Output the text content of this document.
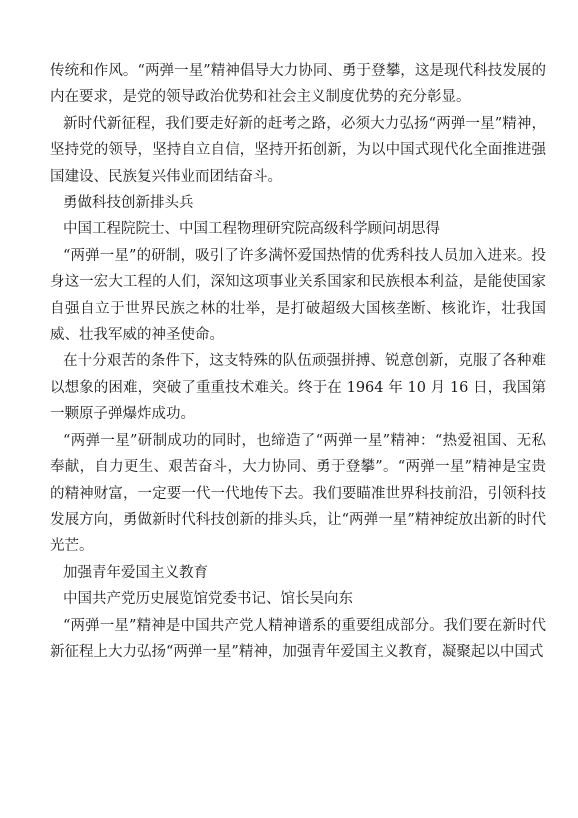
传统和作风。“两弹一星”精神倡导大力协同、勇于登攀，这是现代科技发展的内在要求，是党的领导政治优势和社会主义制度优势的充分彰显。

新时代新征程，我们要走好新的赶考之路，必须大力弘扬“两弹一星”精神，坚持党的领导，坚持自立自信，坚持开拓创新，为以中国式现代化全面推进强国建设、民族复兴伟业而团结奋斗。

勇做科技创新排头兵

中国工程院院士、中国工程物理研究院高级科学顾问胡思得

“两弹一星”的研制，吸引了许多满怀爱国热情的优秀科技人员加入进来。投身这一宏大工程的人们，深知这项事业关系国家和民族根本利益，是能使国家自强自立于世界民族之林的壮举，是打破超级大国核垄断、核讹诈，壮我国威、壮我军威的神圣使命。

在十分艰苦的条件下，这支特殊的队伍顽强拼搏、锐意创新，克服了各种难以想象的困难，突破了重重技术难关。终于在 1964 年 10 月 16 日，我国第一颗原子弹爆炸成功。

“两弹一星”研制成功的同时，也缔造了“两弹一星”精神：“热爱祖国、无私奉献，自力更生、艰苦奋斗，大力协同、勇于登攀”。“两弹一星”精神是宝贵的精神财富，一定要一代一代地传下去。我们要瞄准世界科技前沿，引领科技发展方向，勇做新时代科技创新的排头兵，让“两弹一星”精神绽放出新的时代光芒。

加强青年爱国主义教育

中国共产党历史展览馆党委书记、馆长吴向东

“两弹一星”精神是中国共产党人精神谱系的重要组成部分。我们要在新时代新征程上大力弘扬“两弹一星”精神，加强青年爱国主义教育，凝聚起以中国式
